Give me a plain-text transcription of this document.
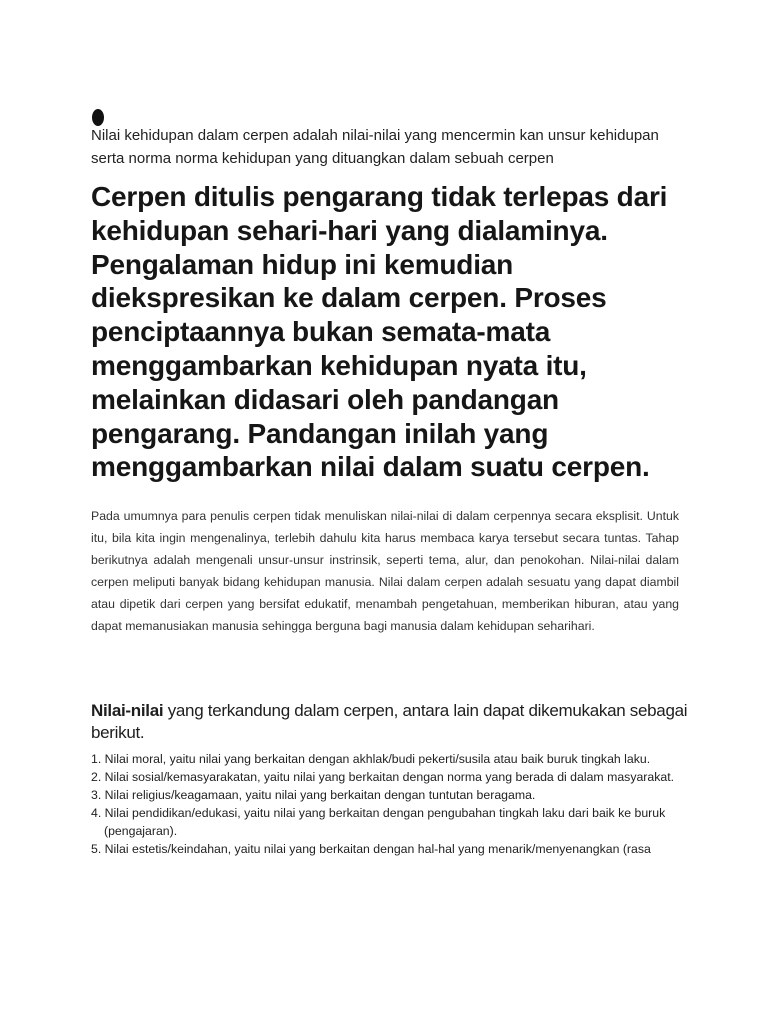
Nilai kehidupan dalam cerpen adalah nilai-nilai yang mencermin kan unsur kehidupan serta norma norma kehidupan yang dituangkan dalam sebuah cerpen
Cerpen ditulis pengarang tidak terlepas dari kehidupan sehari-hari yang dialaminya. Pengalaman hidup ini kemudian diekspresikan ke dalam cerpen. Proses penciptaannya bukan semata-mata menggambarkan kehidupan nyata itu, melainkan didasari oleh pandangan pengarang. Pandangan inilah yang menggambarkan nilai dalam suatu cerpen.
Pada umumnya para penulis cerpen tidak menuliskan nilai-nilai di dalam cerpennya secara eksplisit. Untuk itu, bila kita ingin mengenalinya, terlebih dahulu kita harus membaca karya tersebut secara tuntas. Tahap berikutnya adalah mengenali unsur-unsur instrinsik, seperti tema, alur, dan penokohan. Nilai-nilai dalam cerpen meliputi banyak bidang kehidupan manusia. Nilai dalam cerpen adalah sesuatu yang dapat diambil atau dipetik dari cerpen yang bersifat edukatif, menambah pengetahuan, memberikan hiburan, atau yang dapat memanusiakan manusia sehingga berguna bagi manusia dalam kehidupan seharihari.
Nilai-nilai yang terkandung dalam cerpen, antara lain dapat dikemukakan sebagai berikut.
1. Nilai moral, yaitu nilai yang berkaitan dengan akhlak/budi pekerti/susila atau baik buruk tingkah laku.
2. Nilai sosial/kemasyarakatan, yaitu nilai yang berkaitan dengan norma yang berada di dalam masyarakat.
3. Nilai religius/keagamaan, yaitu nilai yang berkaitan dengan tuntutan beragama.
4. Nilai pendidikan/edukasi, yaitu nilai yang berkaitan dengan pengubahan tingkah laku dari baik ke buruk
(pengajaran).
5. Nilai estetis/keindahan, yaitu nilai yang berkaitan dengan hal-hal yang menarik/menyenangkan (rasa
